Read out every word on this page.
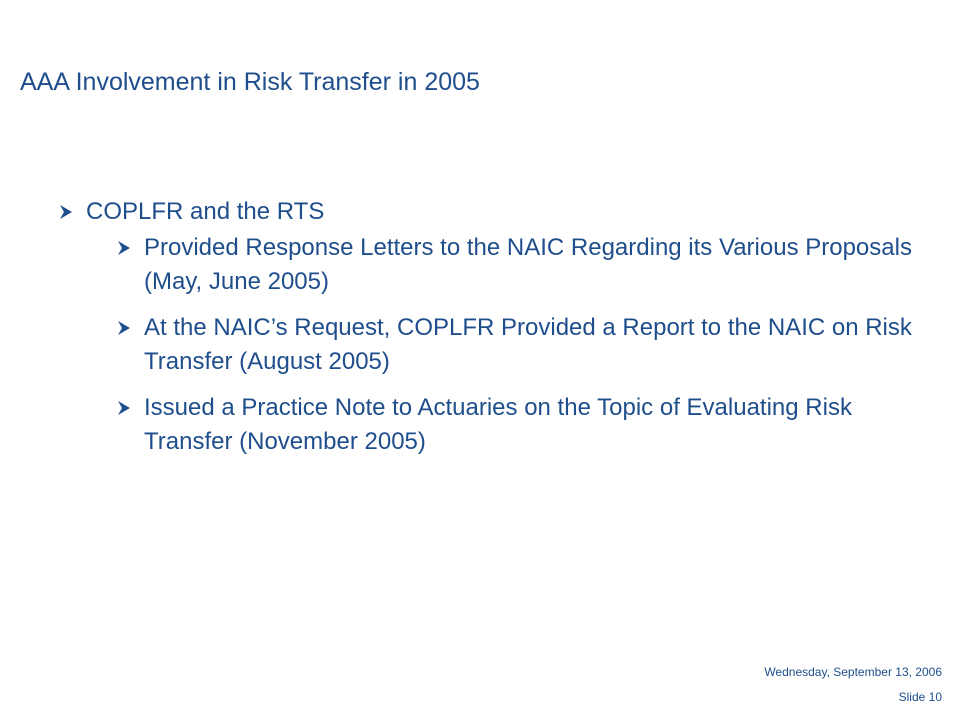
AAA Involvement in Risk Transfer in 2005
COPLFR and the RTS
Provided Response Letters to the NAIC Regarding its Various Proposals (May, June 2005)
At the NAIC’s Request, COPLFR Provided a Report to the NAIC on Risk Transfer (August 2005)
Issued a Practice Note to Actuaries on the Topic of Evaluating Risk Transfer (November 2005)
Wednesday, September 13, 2006
Slide 10
